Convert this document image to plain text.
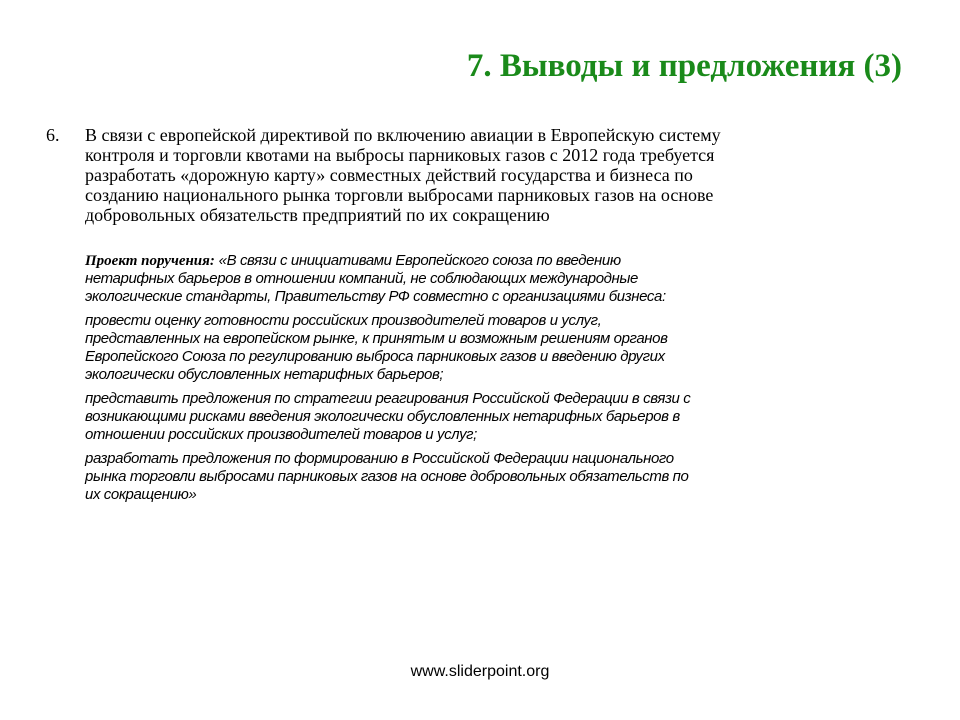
7. Выводы и предложения (3)
6. В связи с европейской директивой по включению авиации в Европейскую систему
контроля и торговли квотами на выбросы парниковых газов с 2012 года требуется
разработать «дорожную карту» совместных действий государства и бизнеса по
созданию национального рынка торговли выбросами парниковых газов на основе
добровольных обязательств предприятий по их сокращению
Проект поручения: «В связи с инициативами Европейского союза по введению
нетарифных барьеров в отношении компаний, не соблюдающих международные
экологические стандарты, Правительству РФ совместно с организациями бизнеса:
провести оценку готовности российских производителей товаров и услуг,
представленных на европейском рынке, к принятым и возможным решениям органов
Европейского Союза по регулированию выброса парниковых газов и введению других
экологически обусловленных нетарифных барьеров;
представить предложения по стратегии реагирования Российской Федерации в связи с
возникающими рисками введения экологически обусловленных нетарифных барьеров в
отношении российских производителей товаров и услуг;
разработать предложения по формированию в Российской Федерации национального
рынка торговли выбросами парниковых газов на основе добровольных обязательств по
их сокращению»
www.sliderpoint.org
